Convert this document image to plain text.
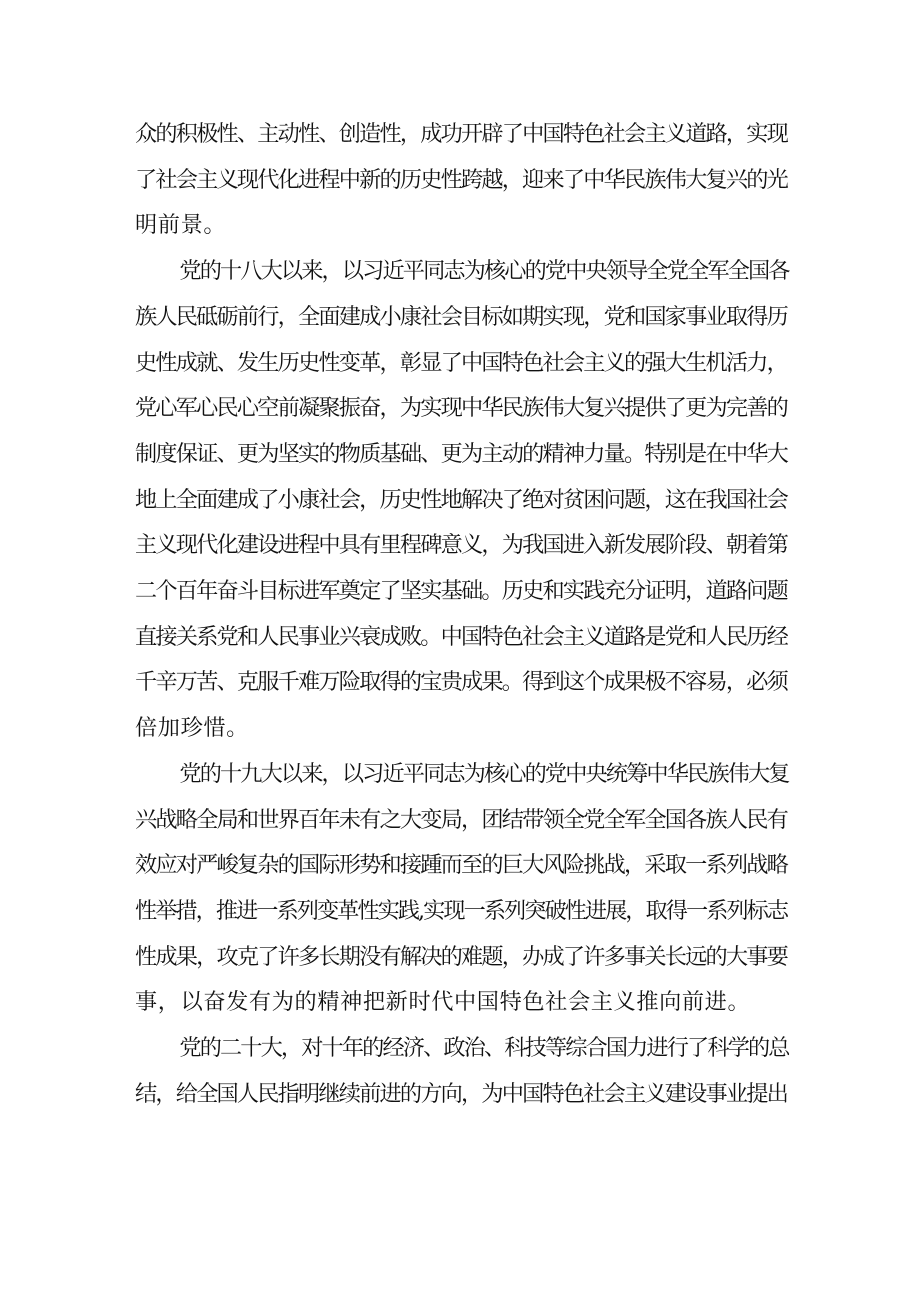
众的积极性、主动性、创造性，成功开辟了中国特色社会主义道路，实现
了社会主义现代化进程中新的历史性跨越，迎来了中华民族伟大复兴的光
明前景。
党的十八大以来，以习近平同志为核心的党中央领导全党全军全国各
族人民砥砺前行，全面建成小康社会目标如期实现，党和国家事业取得历
史性成就、发生历史性变革，彰显了中国特色社会主义的强大生机活力，
党心军心民心空前凝聚振奋，为实现中华民族伟大复兴提供了更为完善的
制度保证、更为坚实的物质基础、更为主动的精神力量。特别是在中华大
地上全面建成了小康社会，历史性地解决了绝对贫困问题，这在我国社会
主义现代化建设进程中具有里程碑意义，为我国进入新发展阶段、朝着第
二个百年奋斗目标进军奠定了坚实基础。历史和实践充分证明，道路问题
直接关系党和人民事业兴衰成败。中国特色社会主义道路是党和人民历经
千辛万苦、克服千难万险取得的宝贵成果。得到这个成果极不容易，必须
倍加珍惜。
党的十九大以来，以习近平同志为核心的党中央统筹中华民族伟大复
兴战略全局和世界百年未有之大变局，团结带领全党全军全国各族人民有
效应对严峻复杂的国际形势和接踵而至的巨大风险挑战，采取一系列战略
性举措，推进一系列变革性实践,实现一系列突破性进展，取得一系列标志
性成果，攻克了许多长期没有解决的难题，办成了许多事关长远的大事要
事，以奋发有为的精神把新时代中国特色社会主义推向前进。
党的二十大，对十年的经济、政治、科技等综合国力进行了科学的总
结，给全国人民指明继续前进的方向，为中国特色社会主义建设事业提出
